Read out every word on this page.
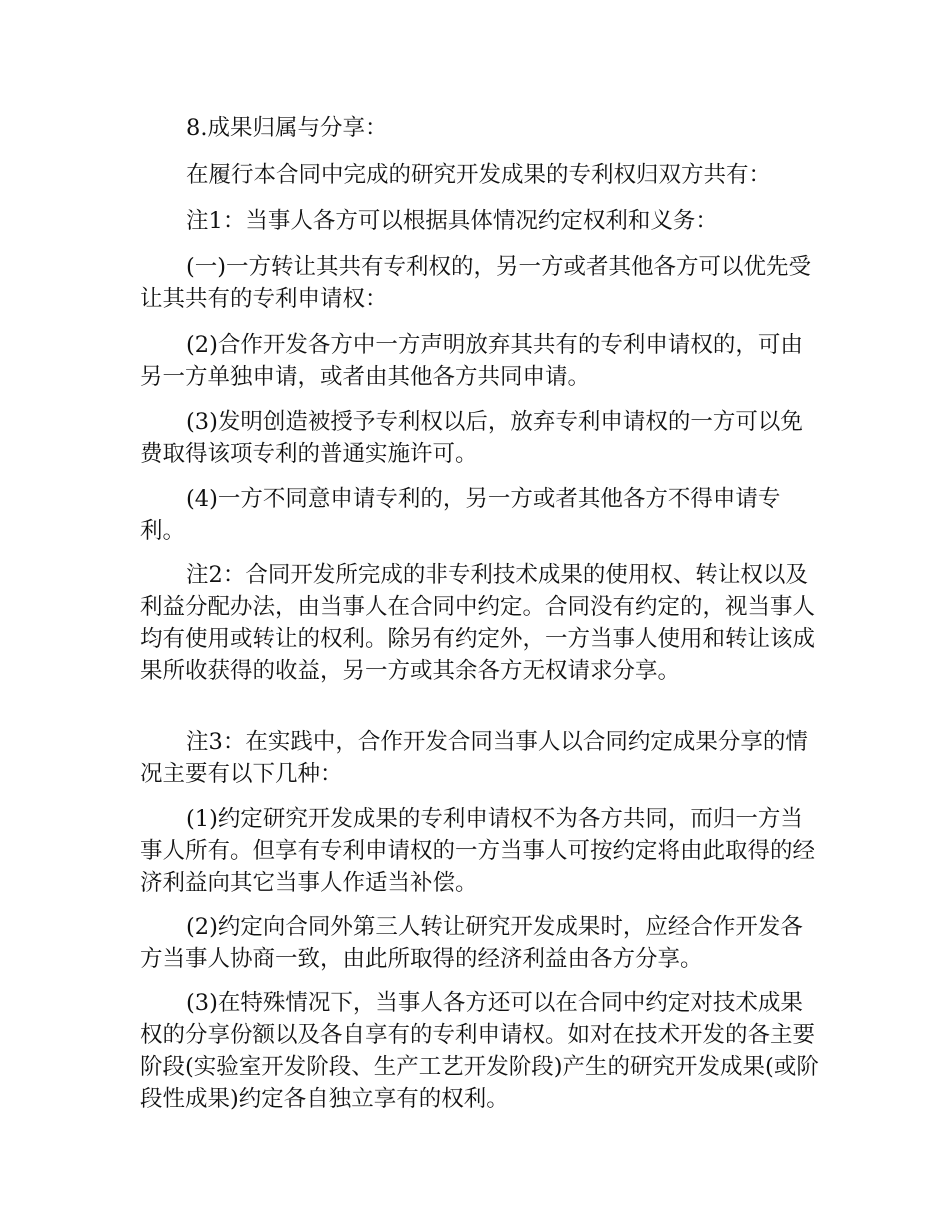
8.成果归属与分享：

在履行本合同中完成的研究开发成果的专利权归双方共有：

注1：当事人各方可以根据具体情况约定权利和义务：

(一)一方转让其共有专利权的，另一方或者其他各方可以优先受让其共有的专利申请权：

(2)合作开发各方中一方声明放弃其共有的专利申请权的，可由另一方单独申请，或者由其他各方共同申请。

(3)发明创造被授予专利权以后，放弃专利申请权的一方可以免费取得该项专利的普通实施许可。

(4)一方不同意申请专利的，另一方或者其他各方不得申请专利。

注2：合同开发所完成的非专利技术成果的使用权、转让权以及利益分配办法，由当事人在合同中约定。合同没有约定的，视当事人均有使用或转让的权利。除另有约定外，一方当事人使用和转让该成果所收获得的收益，另一方或其余各方无权请求分享。

注3：在实践中，合作开发合同当事人以合同约定成果分享的情况主要有以下几种：

(1)约定研究开发成果的专利申请权不为各方共同，而归一方当事人所有。但享有专利申请权的一方当事人可按约定将由此取得的经济利益向其它当事人作适当补偿。

(2)约定向合同外第三人转让研究开发成果时，应经合作开发各方当事人协商一致，由此所取得的经济利益由各方分享。

(3)在特殊情况下，当事人各方还可以在合同中约定对技术成果权的分享份额以及各自享有的专利申请权。如对在技术开发的各主要阶段(实验室开发阶段、生产工艺开发阶段)产生的研究开发成果(或阶段性成果)约定各自独立享有的权利。
